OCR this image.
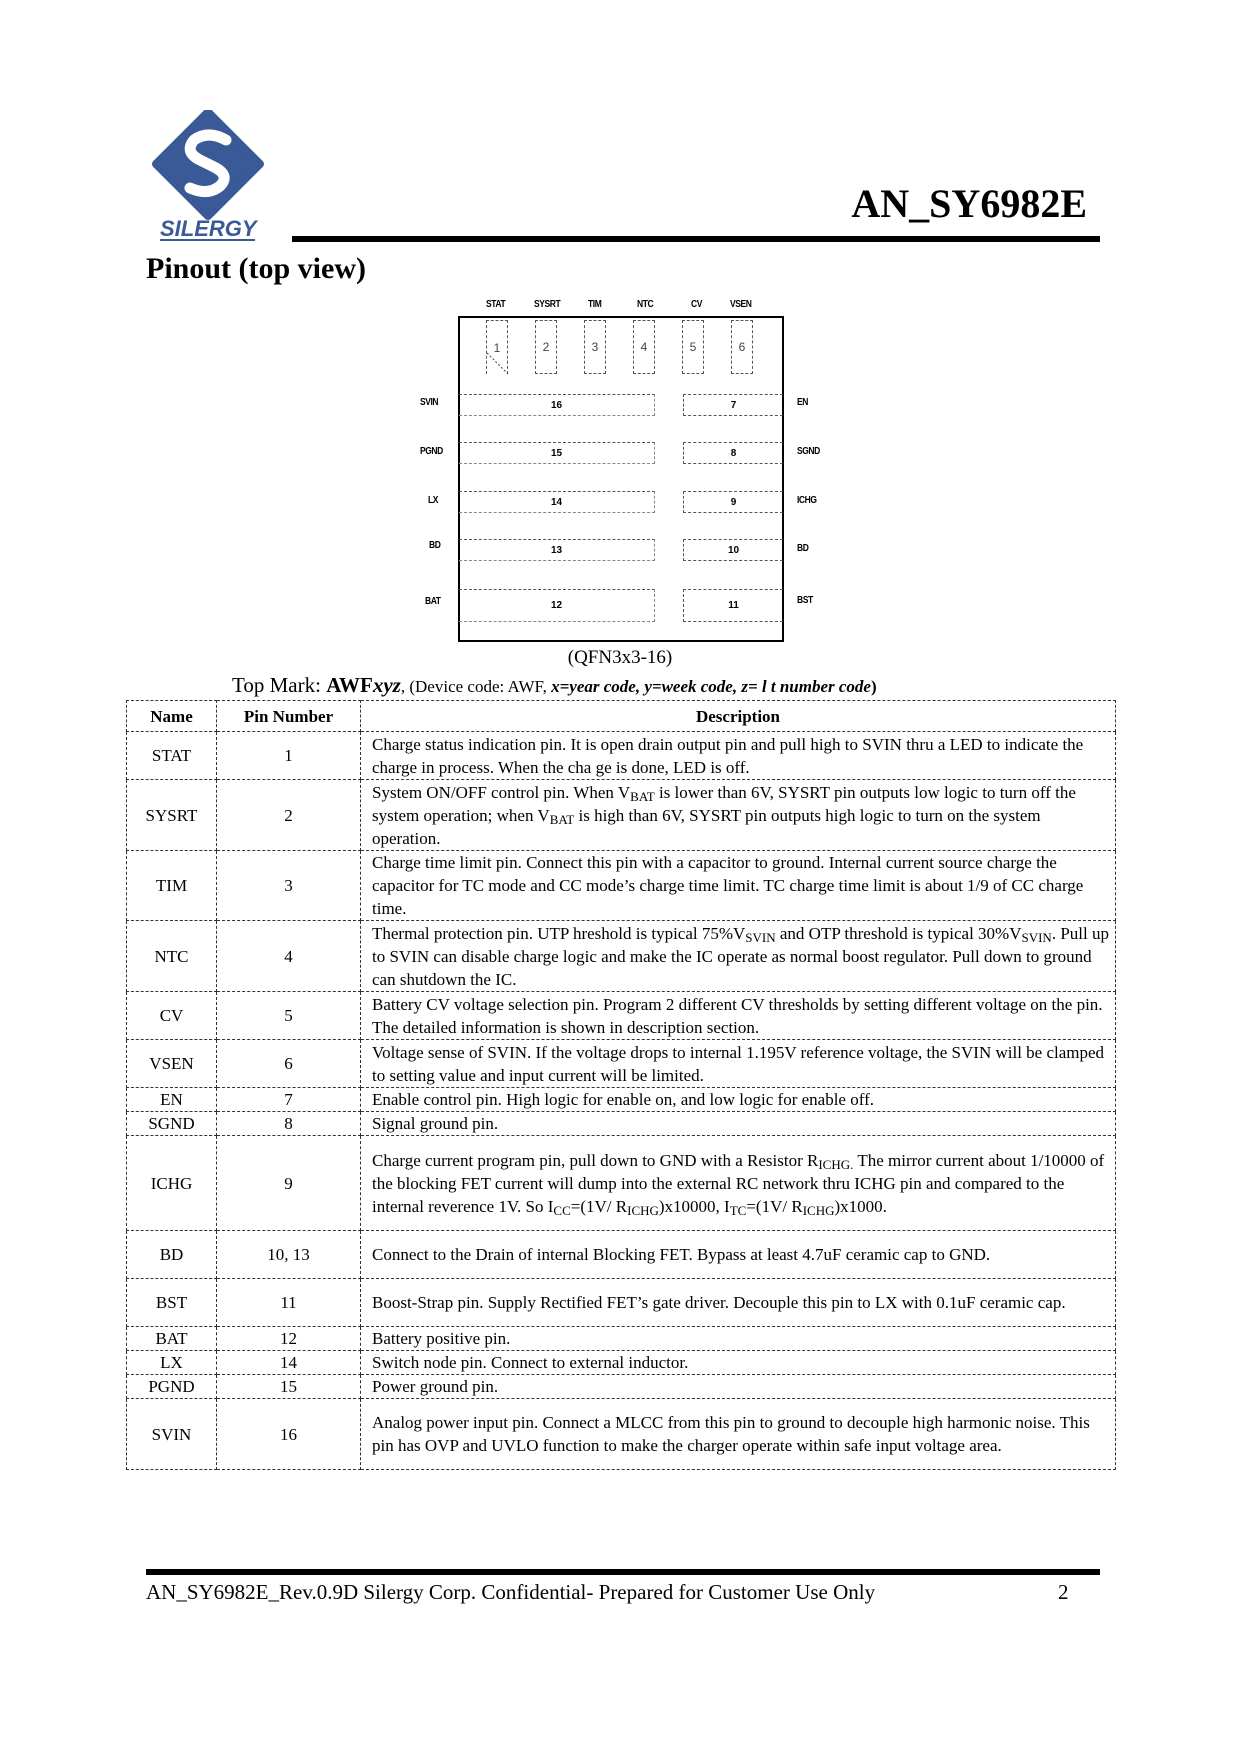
SILERGY
AN_SY6982E
Pinout (top view)
STAT	SYSRT	TIM	NTC	CV	VSEN
1	2	3	4	5	6
SVIN	16
PGND	15
LX	14
BD	13
BAT	12
7	EN
8	SGND
9	ICHG
10	BD
11	BST
(QFN3x3-16)
Top Mark: AWFxyz, (Device code: AWF, x=year code, y=week code, z= l t number code)
Name	Pin Number	Description
STAT	1	Charge status indication pin. It is open drain output pin and pull high to SVIN thru a LED to indicate the charge in process. When the cha ge is done, LED is off.
SYSRT	2	System ON/OFF control pin. When $V_{BAT}$ is lower than 6V, SYSRT pin outputs low logic to turn off the system operation; when $V_{BAT}$ is high than 6V, SYSRT pin outputs high logic to turn on the system operation.
TIM	3	Charge time limit pin. Connect this pin with a capacitor to ground. Internal current source charge the capacitor for TC mode and CC mode’s charge time limit. TC charge time limit is about 1/9 of CC charge time.
NTC	4	Thermal protection pin. UTP hreshold is typical $75\%V_{SVIN}$ and OTP threshold is typical $30\%V_{SVIN}$. Pull up to SVIN can disable charge logic and make the IC operate as normal boost regulator. Pull down to ground can shutdown the IC.
CV	5	Battery CV voltage selection pin. Program 2 different CV thresholds by setting different voltage on the pin. The detailed information is shown in description section.
VSEN	6	Voltage sense of SVIN. If the voltage drops to internal 1.195V reference voltage, the SVIN will be clamped to setting value and input current will be limited.
EN	7	Enable control pin. High logic for enable on, and low logic for enable off.
SGND	8	Signal ground pin.
ICHG	9	Charge current program pin, pull down to GND with a Resistor $R_{ICHG.}$ The mirror current about 1/10000 of the blocking FET current will dump into the external RC network thru ICHG pin and compared to the internal reverence 1V. So $I_{CC}=(1V/$ $R_{ICHG})x10000$, $I_{TC}=(1V/$ $R_{ICHG})x1000$.
BD	10, 13	Connect to the Drain of internal Blocking FET. Bypass at least 4.7uF ceramic cap to GND.
BST	11	Boost-Strap pin. Supply Rectified FET’s gate driver. Decouple this pin to LX with 0.1uF ceramic cap.
BAT	12	Battery positive pin.
LX	14	Switch node pin. Connect to external inductor.
PGND	15	Power ground pin.
SVIN	16	Analog power input pin. Connect a MLCC from this pin to ground to decouple high harmonic noise. This pin has OVP and UVLO function to make the charger operate within safe input voltage area.
AN_SY6982E_Rev.0.9D Silergy Corp. Confidential- Prepared for Customer Use Only	2
